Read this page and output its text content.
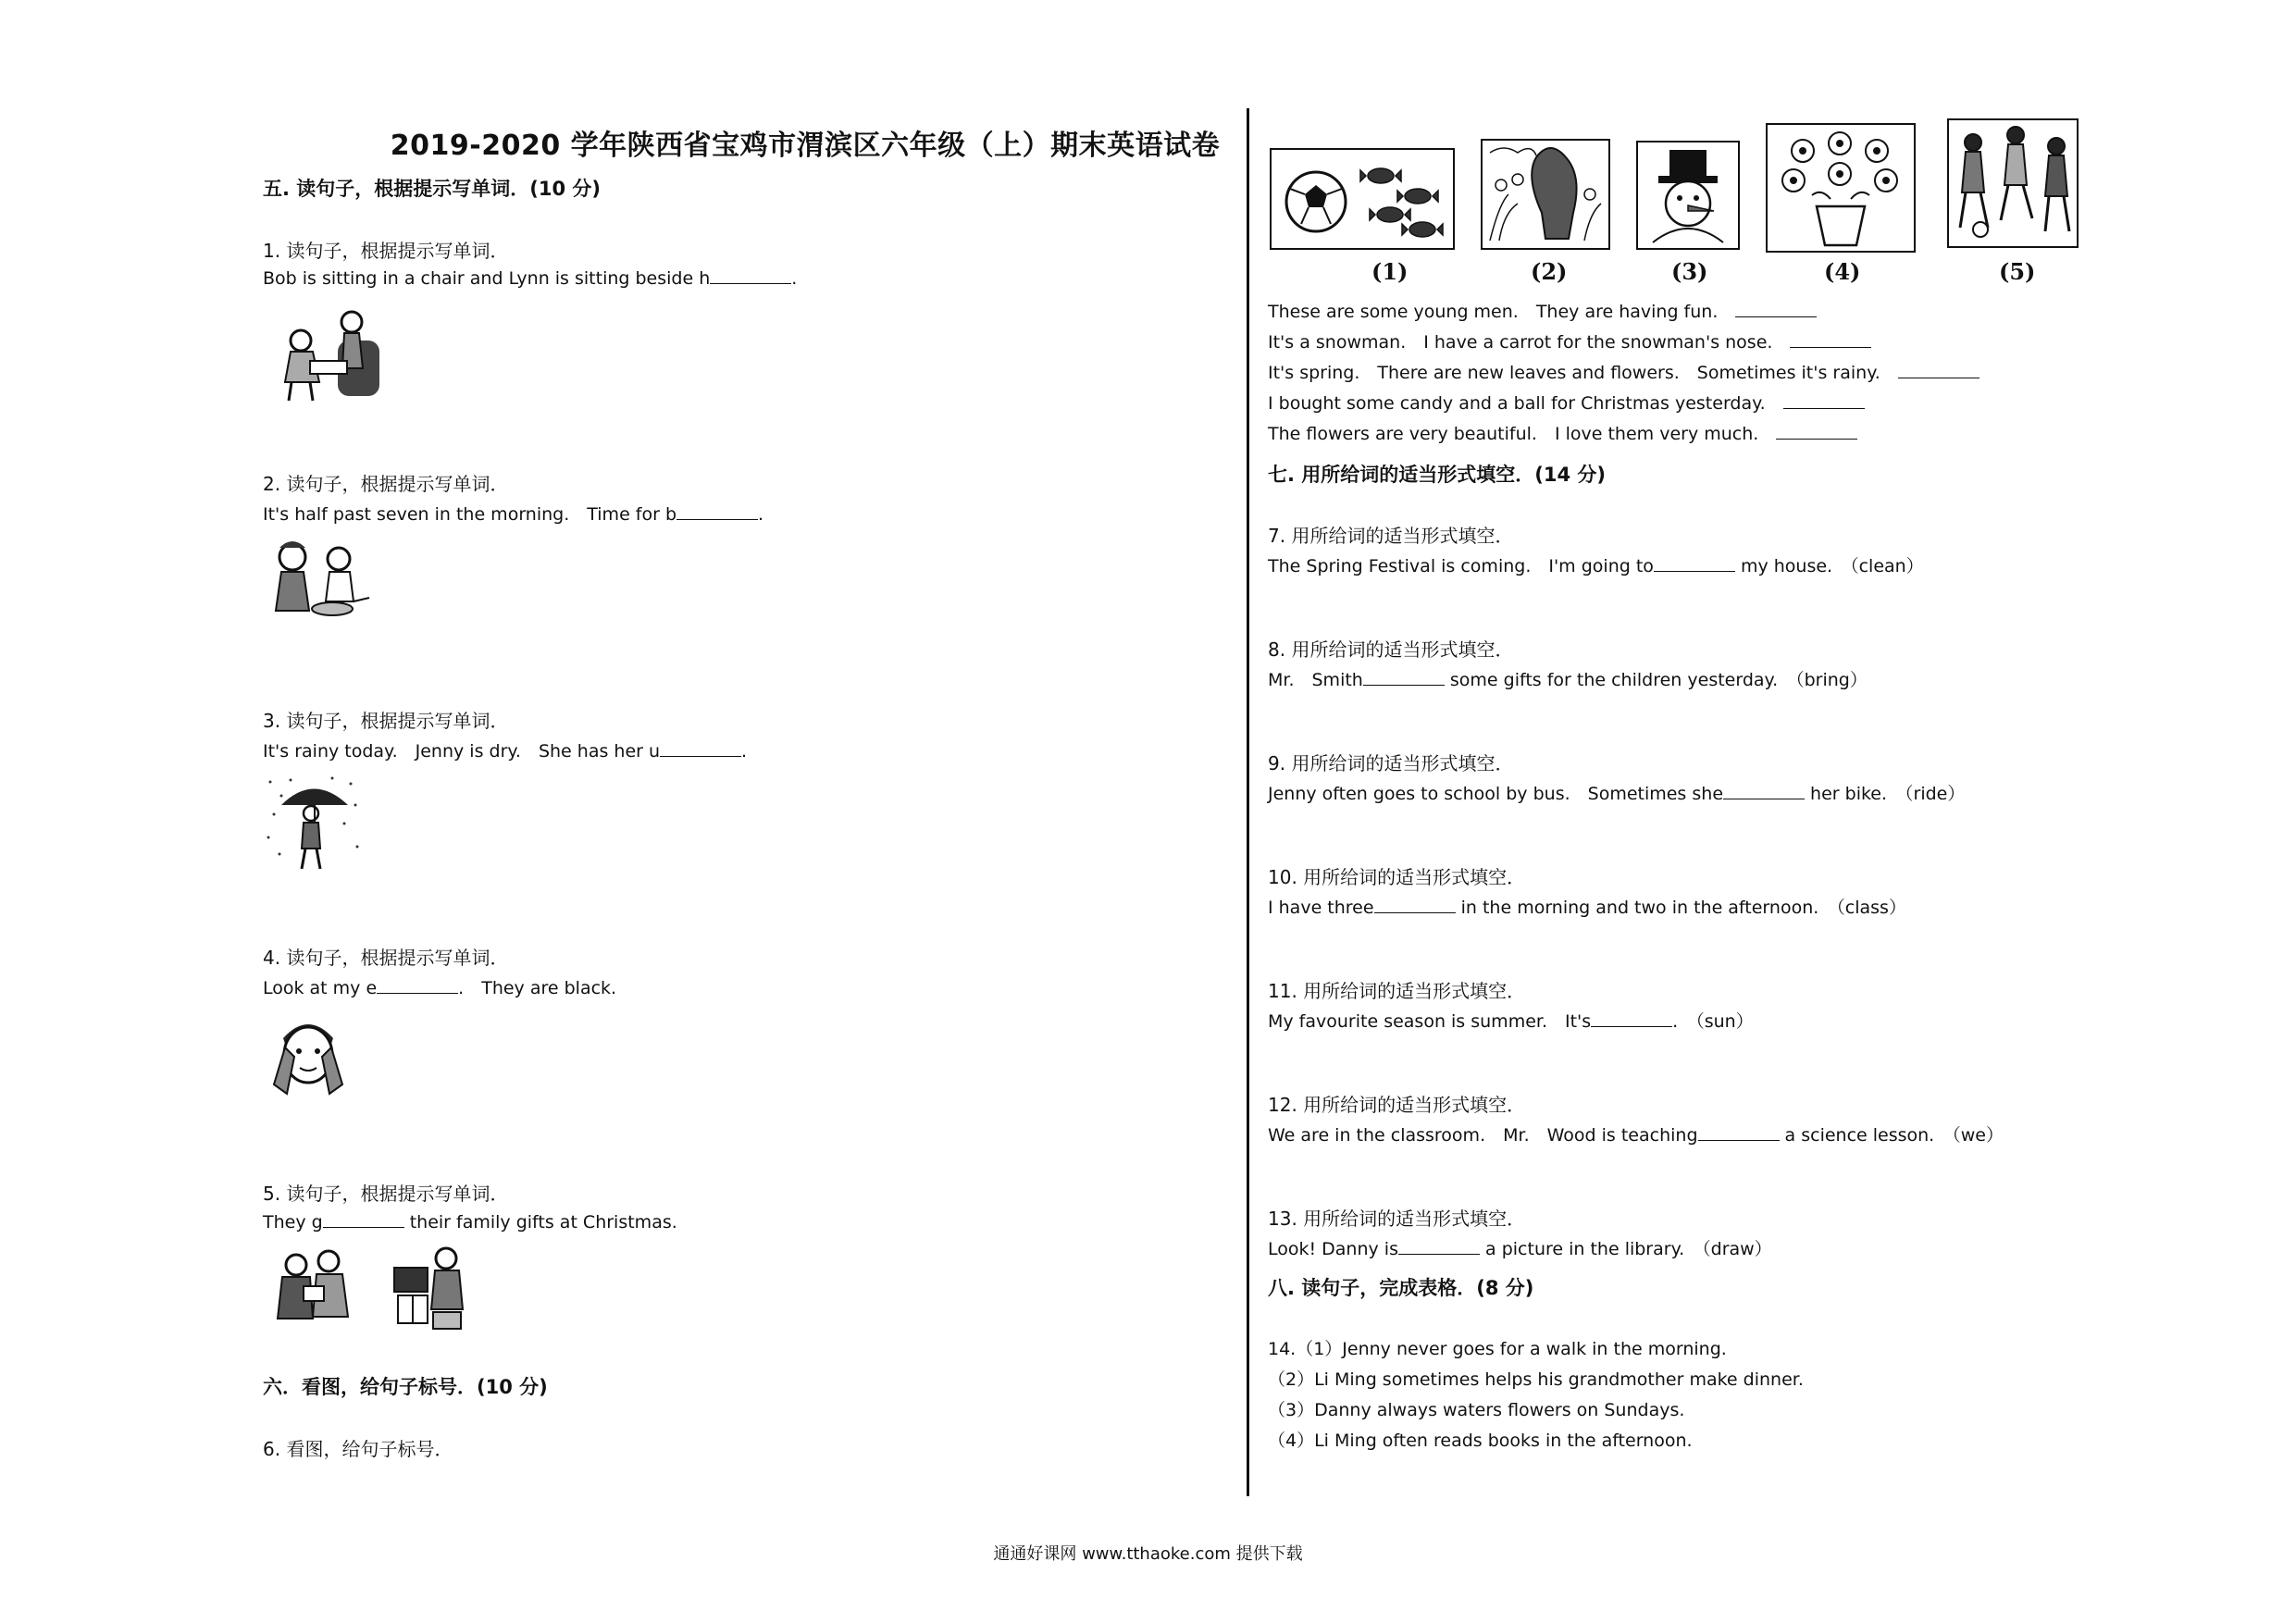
2019-2020 学年陕西省宝鸡市渭滨区六年级（上）期末英语试卷
五. 读句子，根据提示写单词．(10 分)
1. 读句子，根据提示写单词．
Bob is sitting in a chair and Lynn is sitting beside h	.
2. 读句子，根据提示写单词．
It's half past seven in the morning.　Time for b	.
3. 读句子，根据提示写单词．
It's rainy today.　Jenny is dry.　She has her u	.
4. 读句子，根据提示写单词．
Look at my e	.　They are black.
5. 读句子，根据提示写单词．
They g	their family gifts at Christmas.
六．看图，给句子标号．(10 分)
6. 看图，给句子标号．
(1)	(2)	(3)	(4)	(5)
These are some young men.　They are having fun.　
It's a snowman.　I have a carrot for the snowman's nose.　
It's spring.　There are new leaves and flowers.　Sometimes it's rainy.　
I bought some candy and a ball for Christmas yesterday.　
The flowers are very beautiful.　I love them very much.　
七. 用所给词的适当形式填空．(14 分)
7. 用所给词的适当形式填空．
The Spring Festival is coming.　I'm going to	my house.　（clean）
8. 用所给词的适当形式填空．
Mr.　Smith	some gifts for the children yesterday.　（bring）
9. 用所给词的适当形式填空．
Jenny often goes to school by bus.　Sometimes she	her bike.　（ride）
10. 用所给词的适当形式填空．
I have three	in the morning and two in the afternoon.　（class）
11. 用所给词的适当形式填空．
My favourite season is summer.　It's	.　（sun）
12. 用所给词的适当形式填空．
We are in the classroom.　Mr.　Wood is teaching	a science lesson.　（we）
13. 用所给词的适当形式填空．
Look! Danny is	a picture in the library.　（draw）
八. 读句子，完成表格．(8 分)
14.（1）Jenny never goes for a walk in the morning.
（2）Li Ming sometimes helps his grandmother make dinner.
（3）Danny always waters flowers on Sundays.
（4）Li Ming often reads books in the afternoon.
通通好课网 www.tthaoke.com 提供下载
